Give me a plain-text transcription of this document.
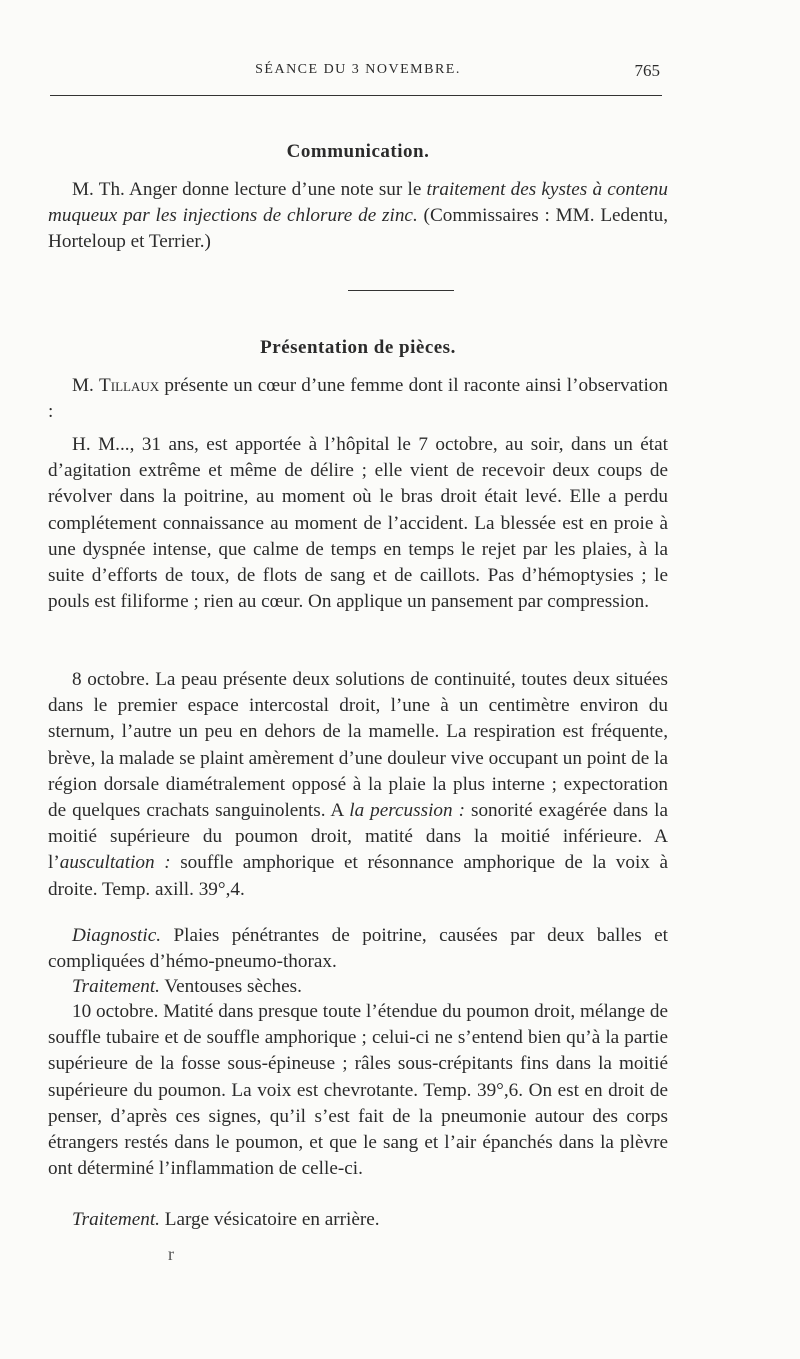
SÉANCE DU 3 NOVEMBRE.	765
Communication.

M. Th. Anger donne lecture d’une note sur le traitement des kystes à contenu muqueux par les injections de chlorure de zinc. (Commissaires : MM. Ledentu, Horteloup et Terrier.)

Présentation de pièces.

M. Tillaux présente un cœur d’une femme dont il raconte ainsi l’observation :

H. M..., 31 ans, est apportée à l’hôpital le 7 octobre, au soir, dans un état d’agitation extrême et même de délire ; elle vient de recevoir deux coups de révolver dans la poitrine, au moment où le bras droit était levé. Elle a perdu complétement connaissance au moment de l’accident. La blessée est en proie à une dyspnée intense, que calme de temps en temps le rejet par les plaies, à la suite d’efforts de toux, de flots de sang et de caillots. Pas d’hémoptysies ; le pouls est filiforme ; rien au cœur. On applique un pansement par compression.

8 octobre. La peau présente deux solutions de continuité, toutes deux situées dans le premier espace intercostal droit, l’une à un centimètre environ du sternum, l’autre un peu en dehors de la mamelle. La respiration est fréquente, brève, la malade se plaint amèrement d’une douleur vive occupant un point de la région dorsale diamétralement opposé à la plaie la plus interne ; expectoration de quelques crachats sanguinolents. A la percussion : sonorité exagérée dans la moitié supérieure du poumon droit, matité dans la moitié inférieure. A l’auscultation : souffle amphorique et résonnance amphorique de la voix à droite. Temp. axill. 39°,4.

Diagnostic. Plaies pénétrantes de poitrine, causées par deux balles et compliquées d’hémo-pneumo-thorax.

Traitement. Ventouses sèches.

10 octobre. Matité dans presque toute l’étendue du poumon droit, mélange de souffle tubaire et de souffle amphorique ; celui-ci ne s’entend bien qu’à la partie supérieure de la fosse sous-épineuse ; râles sous-crépitants fins dans la moitié supérieure du poumon. La voix est chevrotante. Temp. 39°,6. On est en droit de penser, d’après ces signes, qu’il s’est fait de la pneumonie autour des corps étrangers restés dans le poumon, et que le sang et l’air épanchés dans la plèvre ont déterminé l’inflammation de celle-ci.

Traitement. Large vésicatoire en arrière.

r
